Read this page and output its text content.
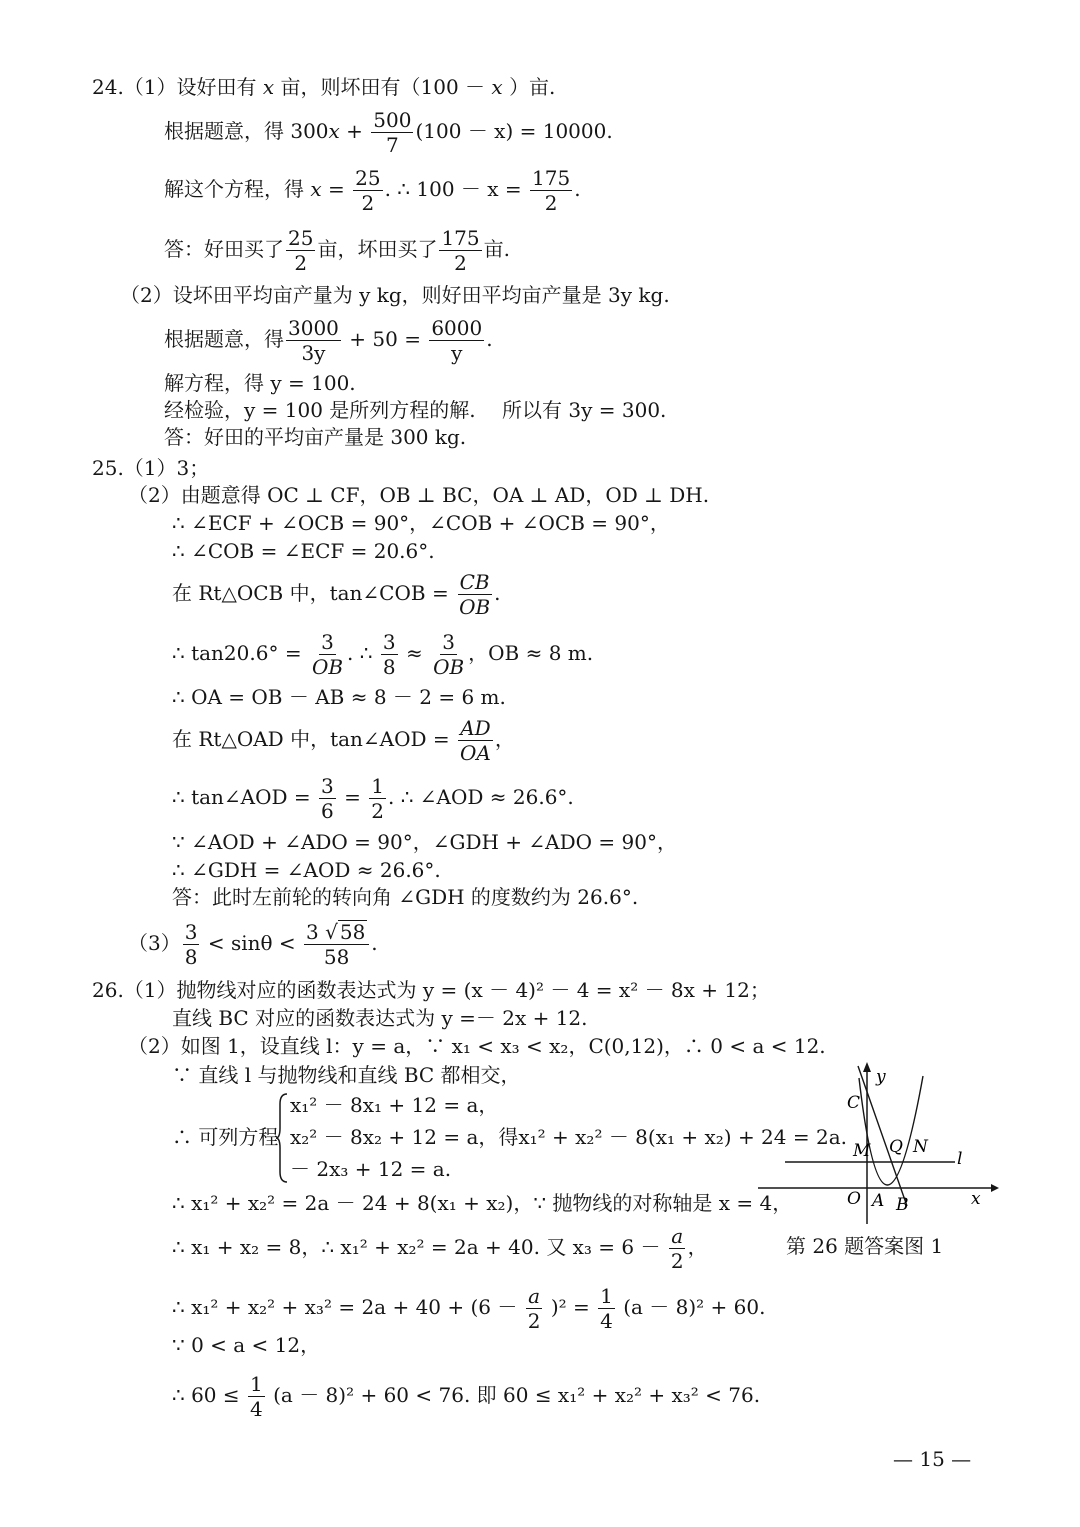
24.（1）设好田有 x 亩，则坏田有（100 － x ）亩.
根据题意，得 $300x + \frac{500}{7} (100 - x) = 10000$.
解这个方程，得 $x = \frac{25}{2}$ . ∴ $100 - x = \frac{175}{2}$ .
答：好田买了 $\frac{25}{2}$ 亩，坏田买了 $\frac{175}{2}$ 亩.
（2）设坏田平均亩产量为 y kg，则好田平均亩产量是 3y kg.
根据题意，得 $\frac{3000}{3y} + 50 = \frac{6000}{y}$ .
解方程，得 y = 100.
经检验，y = 100 是所列方程的解.　 所以有 3y = 300.
答：好田的平均亩产量是 300 kg.
25.（1）3；
（2）由题意得 OC ⊥ CF，OB ⊥ BC，OA ⊥ AD，OD ⊥ DH.
∴ ∠ECF + ∠OCB = 90°，∠COB + ∠OCB = 90°，
∴ ∠COB = ∠ECF = 20.6°.
在 Rt△OCB 中，tan∠COB = $\frac{CB}{OB}$ .
∴ $\tan 20.6^\circ = \frac{3}{OB}$ . ∴ $\frac{3}{8} \approx \frac{3}{OB}$ ，OB ≈ 8 m.
∴ OA = OB － AB ≈ 8 － 2 = 6 m.
在 Rt△OAD 中，tan∠AOD = $\frac{AD}{OA}$ ，
∴ tan∠AOD = $\frac{3}{6} = \frac{1}{2}$ . ∴ ∠AOD ≈ 26.6°.
∵ ∠AOD + ∠ADO = 90°，∠GDH + ∠ADO = 90°，
∴ ∠GDH = ∠AOD ≈ 26.6°.
答：此时左前轮的转向角 ∠GDH 的度数约为 26.6°.
$(3) \frac{3}{8} < \sin\theta < \frac{3 √ 58}{58}$ .
26.（1）抛物线对应的函数表达式为 y = (x － 4)² － 4 = x² － 8x + 12；
直线 BC 对应的函数表达式为 y =－ 2x + 12.
（2）如图 1，设直线 l：y = a，∵ x₁ < x₃ < x₂，C(0,12)，∴ 0 < a < 12.
∵ 直线 l 与抛物线和直线 BC 都相交，
∴ 可列方程
x₁² － 8x₁ + 12 = a，
x₂² － 8x₂ + 12 = a，得x₁² + x₂² － 8(x₁ + x₂) + 24 = 2a.
－ 2x₃ + 12 = a.
∴ x₁² + x₂² = 2a － 24 + 8(x₁ + x₂)，∵ 抛物线的对称轴是 x = 4，
∴ x₁ + x₂ = 8，∴ x₁² + x₂² = 2a + 40. 又 $x_3 = 6 - \frac{a}{2}$ ，
∴ $x_1^2 + x_2^2 + x_3^2 = 2a + 40 + (6 - \frac{a}{2} )^2 = \frac{1}{4} (a - 8)^2 + 60$.
∵ 0 < a < 12，
∴ $60 \le \frac{1}{4} (a - 8)^2 + 60 < 76$. 即 60 ≤ x₁² + x₂² + x₃² < 76.
y
x
C
M Q N
l
O A B
第 26 题答案图 1
— 15 —
